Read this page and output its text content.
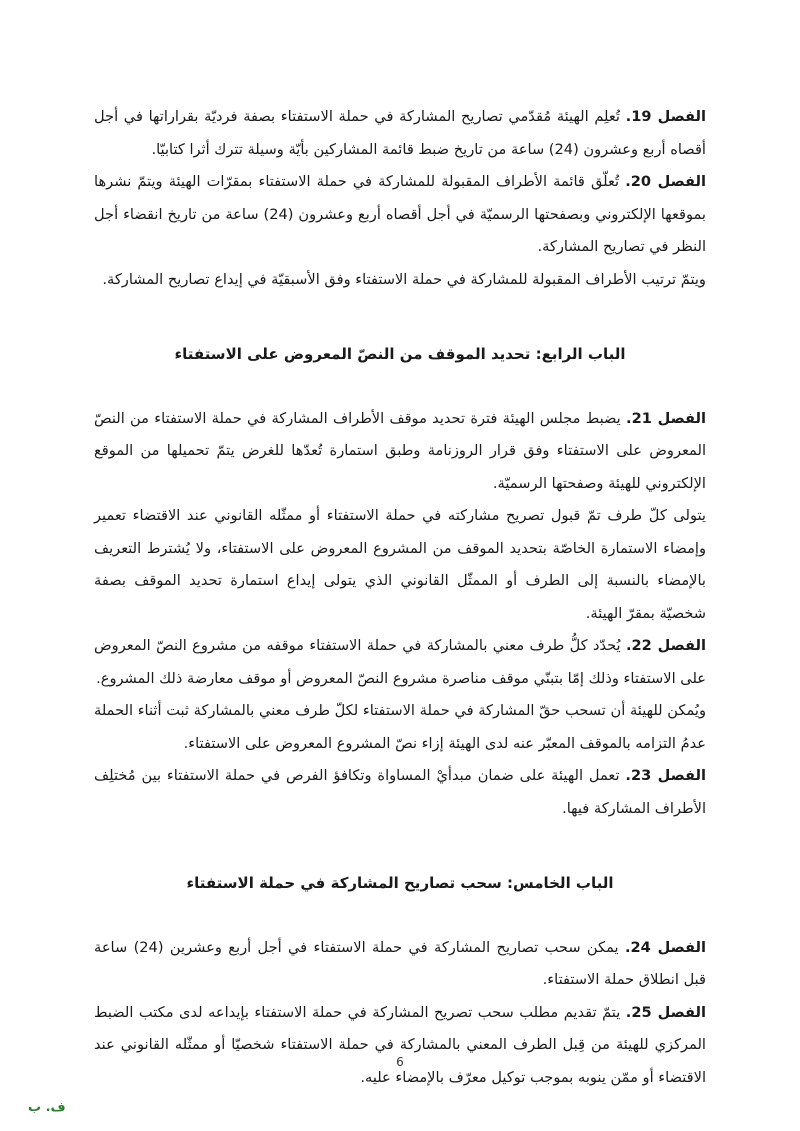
الفصل 19. تُعلِم الهيئة مُقدّمي تصاريح المشاركة في حملة الاستفتاء بصفة فرديّة بقراراتها في أجل أقصاه أربع وعشرون (24) ساعة من تاريخ ضبط قائمة المشاركين بأيّة وسيلة تترك أثرا كتابيّا.

الفصل 20. تُعلّق قائمة الأطراف المقبولة للمشاركة في حملة الاستفتاء بمقرّات الهيئة ويتمّ نشرها بموقعها الإلكتروني وبصفحتها الرسميّة في أجل أقصاه أربع وعشرون (24) ساعة من تاريخ انقضاء أجل النظر في تصاريح المشاركة.

ويتمّ ترتيب الأطراف المقبولة للمشاركة في حملة الاستفتاء وفق الأسبقيّة في إيداع تصاريح المشاركة.

الباب الرابع: تحديد الموقف من النصّ المعروض على الاستفتاء

الفصل 21. يضبط مجلس الهيئة فترة تحديد موقف الأطراف المشاركة في حملة الاستفتاء من النصّ المعروض على الاستفتاء وفق قرار الروزنامة وطبق استمارة تُعدّها للغرض يتمّ تحميلها من الموقع الإلكتروني للهيئة وصفحتها الرسميّة.

يتولى كلّ طرف تمّ قبول تصريح مشاركته في حملة الاستفتاء أو ممثّله القانوني عند الاقتضاء تعمير وإمضاء الاستمارة الخاصّة بتحديد الموقف من المشروع المعروض على الاستفتاء، ولا يُشترط التعريف بالإمضاء بالنسبة إلى الطرف أو الممثّل القانوني الذي يتولى إيداع استمارة تحديد الموقف بصفة شخصيّة بمقرّ الهيئة.

الفصل 22. يُحدّد كلُّ طرف معني بالمشاركة في حملة الاستفتاء موقفه من مشروع النصّ المعروض على الاستفتاء وذلك إمّا بتبنّي موقف مناصرة مشروع النصّ المعروض أو موقف معارضة ذلك المشروع.

ويُمكن للهيئة أن تسحب حقّ المشاركة في حملة الاستفتاء لكلّ طرف معني بالمشاركة ثبت أثناء الحملة عدمُ التزامه بالموقف المعبّر عنه لدى الهيئة إزاء نصّ المشروع المعروض على الاستفتاء.

الفصل 23. تعمل الهيئة على ضمان مبدأيْ المساواة وتكافؤ الفرص في حملة الاستفتاء بين مُختلِف الأطراف المشاركة فيها.

الباب الخامس: سحب تصاريح المشاركة في حملة الاستفتاء

الفصل 24. يمكن سحب تصاريح المشاركة في حملة الاستفتاء في أجل أربع وعشرين (24) ساعة قبل انطلاق حملة الاستفتاء.

الفصل 25. يتمّ تقديم مطلب سحب تصريح المشاركة في حملة الاستفتاء بإيداعه لدى مكتب الضبط المركزي للهيئة من قِبل الطرف المعني بالمشاركة في حملة الاستفتاء شخصيّا أو ممثّله القانوني عند الاقتضاء أو ممّن ينوبه بموجب توكيل معرّف بالإمضاء عليه.

6
ف. ب
